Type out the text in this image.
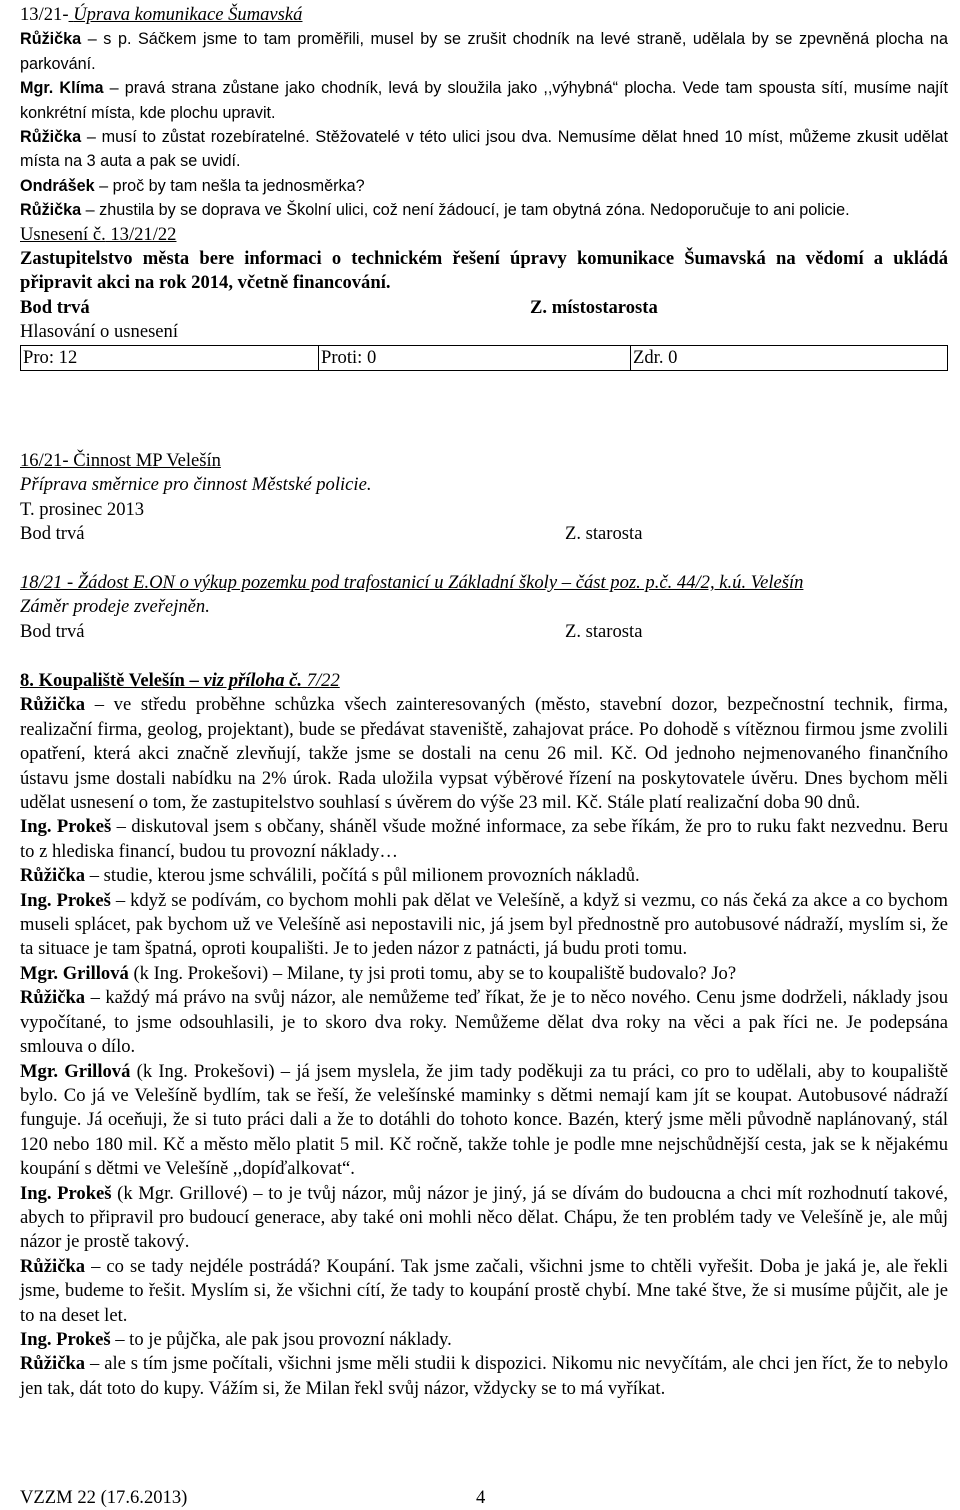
13/21- Úprava komunikace Šumavská

Růžička – s p. Sáčkem jsme to tam proměřili, musel by se zrušit chodník na levé straně, udělala by se zpevněná plocha na parkování.

Mgr. Klíma – pravá strana zůstane jako chodník, levá by sloužila jako ,,výhybná“ plocha. Vede tam spousta sítí, musíme najít konkrétní místa, kde plochu upravit.

Růžička – musí to zůstat rozebíratelné. Stěžovatelé v této ulici jsou dva. Nemusíme dělat hned 10 míst, můžeme zkusit udělat místa na 3 auta a pak se uvidí.

Ondrášek – proč by tam nešla ta jednosměrka?

Růžička – zhustila by se doprava ve Školní ulici, což není žádoucí, je tam obytná zóna. Nedoporučuje to ani policie.

Usnesení č. 13/21/22

Zastupitelstvo města bere informaci o technickém řešení úpravy komunikace Šumavská na vědomí a ukládá připravit akci na rok 2014, včetně financování.

Bod trvá	Z. místostarosta

Hlasování o usnesení

Pro: 12	Proti: 0	Zdr. 0

16/21- Činnost MP Velešín

Příprava směrnice pro činnost Městské policie.

T. prosinec 2013

Bod trvá	Z. starosta

18/21 - Žádost E.ON o výkup pozemku pod trafostanicí u Základní školy – část poz. p.č. 44/2, k.ú. Velešín

Záměr prodeje zveřejněn.

Bod trvá	Z. starosta

8. Koupaliště Velešín – viz příloha č. 7/22

Růžička – ve středu proběhne schůzka všech zainteresovaných (město, stavební dozor, bezpečnostní technik, firma, realizační firma, geolog, projektant), bude se předávat staveniště, zahajovat práce. Po dohodě s vítěznou firmou jsme zvolili opatření, která akci značně zlevňují, takže jsme se dostali na cenu 26 mil. Kč. Od jednoho nejmenovaného finančního ústavu jsme dostali nabídku na 2% úrok. Rada uložila vypsat výběrové řízení na poskytovatele úvěru. Dnes bychom měli udělat usnesení o tom, že zastupitelstvo souhlasí s úvěrem do výše 23 mil. Kč. Stále platí realizační doba 90 dnů.

Ing. Prokeš – diskutoval jsem s občany, sháněl všude možné informace, za sebe říkám, že pro to ruku fakt nezvednu. Beru to z hlediska financí, budou tu provozní náklady…

Růžička – studie, kterou jsme schválili, počítá s půl milionem provozních nákladů.

Ing. Prokeš – když se podívám, co bychom mohli pak dělat ve Velešíně, a když si vezmu, co nás čeká za akce a co bychom museli splácet, pak bychom už ve Velešíně asi nepostavili nic, já jsem byl přednostně pro autobusové nádraží, myslím si, že ta situace je tam špatná, oproti koupališti. Je to jeden názor z patnácti, já budu proti tomu.

Mgr. Grillová (k Ing. Prokešovi) – Milane, ty jsi proti tomu, aby se to koupaliště budovalo? Jo?

Růžička – každý má právo na svůj názor, ale nemůžeme teď říkat, že je to něco nového. Cenu jsme dodrželi, náklady jsou vypočítané, to jsme odsouhlasili, je to skoro dva roky. Nemůžeme dělat dva roky na věci a pak říci ne. Je podepsána smlouva o dílo.

Mgr. Grillová (k Ing. Prokešovi) – já jsem myslela, že jim tady poděkuji za tu práci, co pro to udělali, aby to koupaliště bylo. Co já ve Velešíně bydlím, tak se řeší, že velešínské maminky s dětmi nemají kam jít se koupat. Autobusové nádraží funguje. Já oceňuji, že si tuto práci dali a že to dotáhli do tohoto konce. Bazén, který jsme měli původně naplánovaný, stál 120 nebo 180 mil. Kč a město mělo platit 5 mil. Kč ročně, takže tohle je podle mne nejschůdnější cesta, jak se k nějakému koupání s dětmi ve Velešíně ,,dopíďalkovat“.

Ing. Prokeš (k Mgr. Grillové) – to je tvůj názor, můj názor je jiný, já se dívám do budoucna a chci mít rozhodnutí takové, abych to připravil pro budoucí generace, aby také oni mohli něco dělat. Chápu, že ten problém tady ve Velešíně je, ale můj názor je prostě takový.

Růžička – co se tady nejdéle postrádá? Koupání. Tak jsme začali, všichni jsme to chtěli vyřešit. Doba je jaká je, ale řekli jsme, budeme to řešit. Myslím si, že všichni cítí, že tady to koupání prostě chybí. Mne také štve, že si musíme půjčit, ale je to na deset let.

Ing. Prokeš – to je půjčka, ale pak jsou provozní náklady.

Růžička – ale s tím jsme počítali, všichni jsme měli studii k dispozici. Nikomu nic nevyčítám, ale chci jen říct, že to nebylo jen tak, dát toto do kupy. Vážím si, že Milan řekl svůj názor, vždycky se to má vyříkat.

VZZM 22 (17.6.2013)	4
